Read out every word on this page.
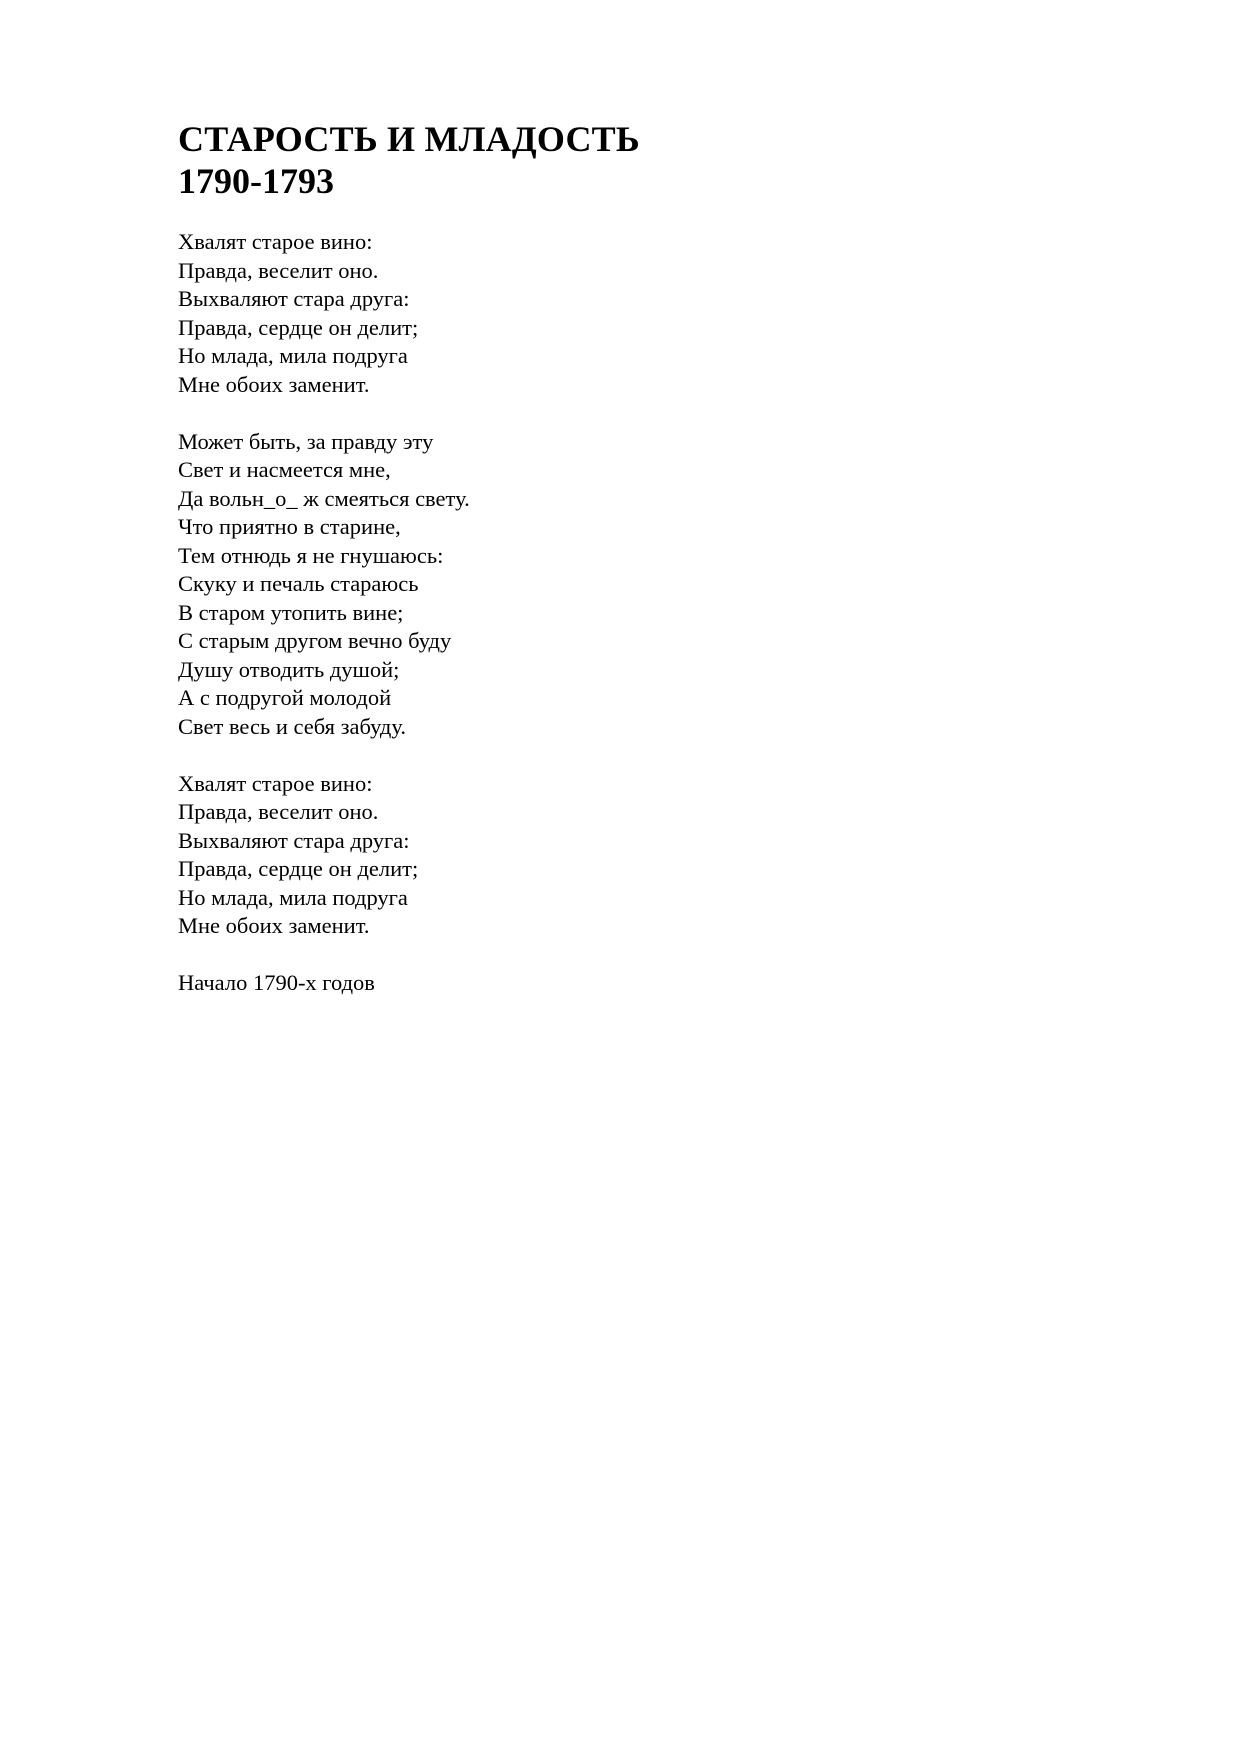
СТАРОСТЬ И МЛАДОСТЬ
1790-1793
Хвалят старое вино:
Правда, веселит оно.
Выхваляют стара друга:
Правда, сердце он делит;
Но млада, мила подруга
Мне обоих заменит.
Может быть, за правду эту
Свет и насмеется мне,
Да вольн_о_ ж смеяться свету.
Что приятно в старине,
Тем отнюдь я не гнушаюсь:
Скуку и печаль стараюсь
В старом утопить вине;
С старым другом вечно буду
Душу отводить душой;
А с подругой молодой
Свет весь и себя забуду.
Хвалят старое вино:
Правда, веселит оно.
Выхваляют стара друга:
Правда, сердце он делит;
Но млада, мила подруга
Мне обоих заменит.
Начало 1790-х годов
